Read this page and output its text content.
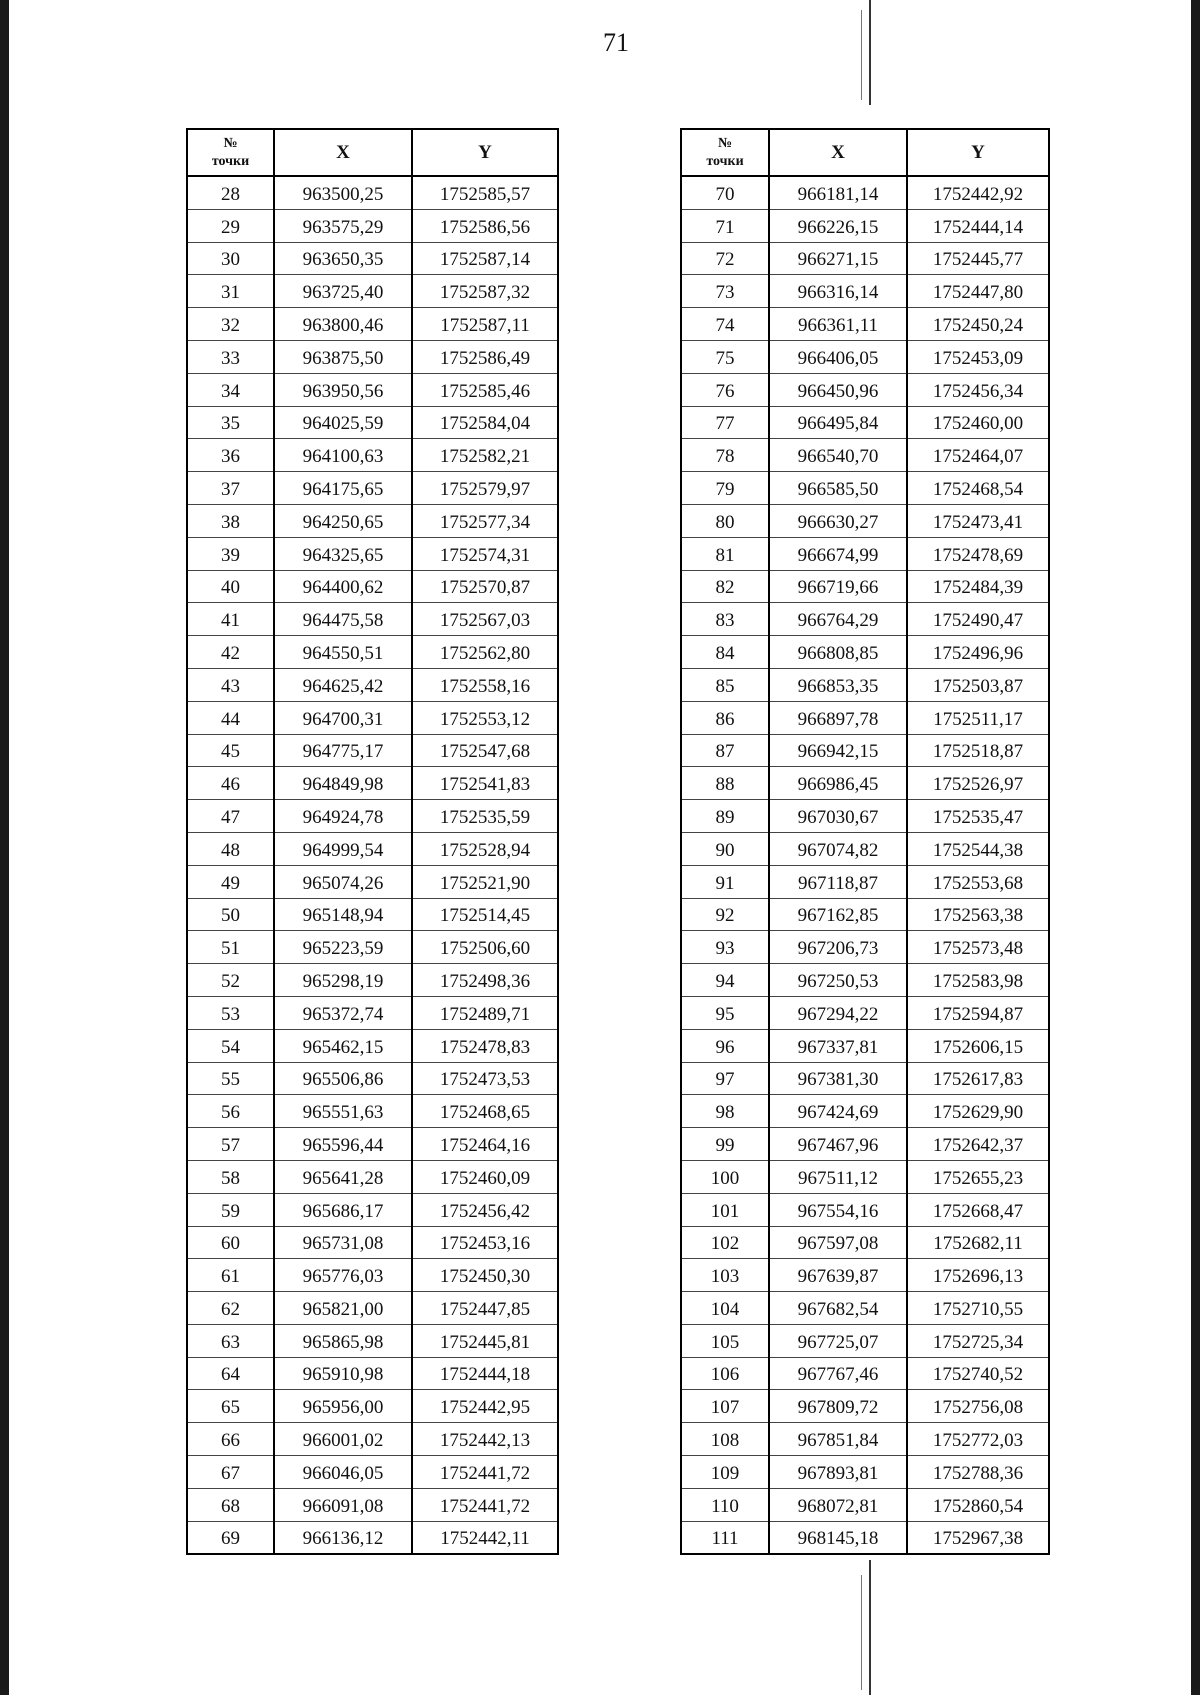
71
№
точки	X	Y
28	963500,25	1752585,57
29	963575,29	1752586,56
30	963650,35	1752587,14
31	963725,40	1752587,32
32	963800,46	1752587,11
33	963875,50	1752586,49
34	963950,56	1752585,46
35	964025,59	1752584,04
36	964100,63	1752582,21
37	964175,65	1752579,97
38	964250,65	1752577,34
39	964325,65	1752574,31
40	964400,62	1752570,87
41	964475,58	1752567,03
42	964550,51	1752562,80
43	964625,42	1752558,16
44	964700,31	1752553,12
45	964775,17	1752547,68
46	964849,98	1752541,83
47	964924,78	1752535,59
48	964999,54	1752528,94
49	965074,26	1752521,90
50	965148,94	1752514,45
51	965223,59	1752506,60
52	965298,19	1752498,36
53	965372,74	1752489,71
54	965462,15	1752478,83
55	965506,86	1752473,53
56	965551,63	1752468,65
57	965596,44	1752464,16
58	965641,28	1752460,09
59	965686,17	1752456,42
60	965731,08	1752453,16
61	965776,03	1752450,30
62	965821,00	1752447,85
63	965865,98	1752445,81
64	965910,98	1752444,18
65	965956,00	1752442,95
66	966001,02	1752442,13
67	966046,05	1752441,72
68	966091,08	1752441,72
69	966136,12	1752442,11
№
точки	X	Y
70	966181,14	1752442,92
71	966226,15	1752444,14
72	966271,15	1752445,77
73	966316,14	1752447,80
74	966361,11	1752450,24
75	966406,05	1752453,09
76	966450,96	1752456,34
77	966495,84	1752460,00
78	966540,70	1752464,07
79	966585,50	1752468,54
80	966630,27	1752473,41
81	966674,99	1752478,69
82	966719,66	1752484,39
83	966764,29	1752490,47
84	966808,85	1752496,96
85	966853,35	1752503,87
86	966897,78	1752511,17
87	966942,15	1752518,87
88	966986,45	1752526,97
89	967030,67	1752535,47
90	967074,82	1752544,38
91	967118,87	1752553,68
92	967162,85	1752563,38
93	967206,73	1752573,48
94	967250,53	1752583,98
95	967294,22	1752594,87
96	967337,81	1752606,15
97	967381,30	1752617,83
98	967424,69	1752629,90
99	967467,96	1752642,37
100	967511,12	1752655,23
101	967554,16	1752668,47
102	967597,08	1752682,11
103	967639,87	1752696,13
104	967682,54	1752710,55
105	967725,07	1752725,34
106	967767,46	1752740,52
107	967809,72	1752756,08
108	967851,84	1752772,03
109	967893,81	1752788,36
110	968072,81	1752860,54
111	968145,18	1752967,38
